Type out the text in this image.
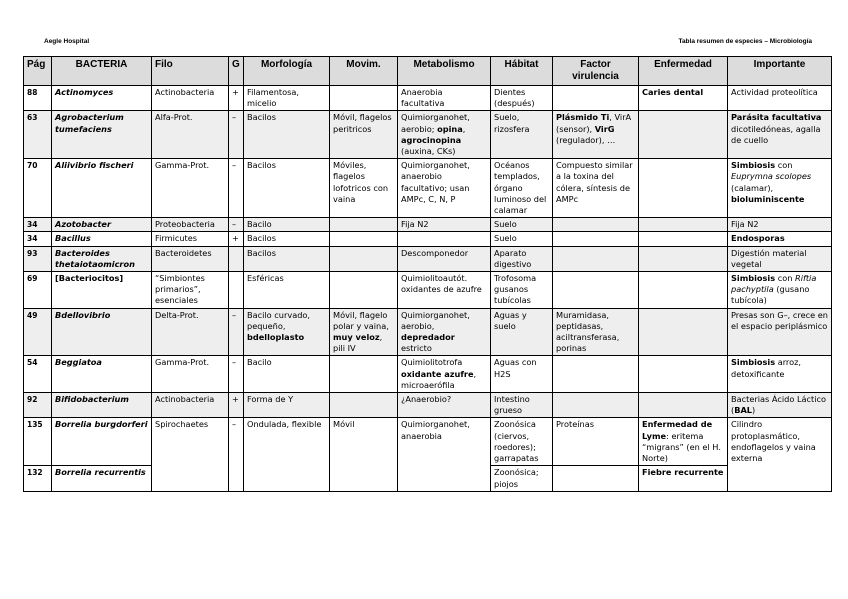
Aegle Hospital	Tabla resumen de especies – Microbiología
Pág	BACTERIA	Filo	G	Morfología	Movim.	Metabolismo	Hábitat	Factor virulencia	Enfermedad	Importante
88	Actinomyces	Actinobacteria	+	Filamentosa, micelio		Anaerobia facultativa	Dientes (después)		Caries dental	Actividad proteolítica
63	Agrobacterium tumefaciens	Alfa-Prot.	–	Bacilos	Móvil, flagelos peritricos	Quimiorganohet, aerobio; opina, agrocinopina (auxina, CKs)	Suelo, rizosfera	Plásmido Ti, VirA (sensor), VirG (regulador), …		Parásita facultativa dicotiledóneas, agalla de cuello
70	Aliivibrio fischeri	Gamma-Prot.	–	Bacilos	Móviles, flagelos lofotricos con vaina	Quimiorganohet, anaerobio facultativo; usan AMPc, C, N, P	Océanos templados, órgano luminoso del calamar	Compuesto similar a la toxina del cólera, síntesis de AMPc		Simbiosis con Euprymna scolopes (calamar), bioluminiscente
34	Azotobacter	Proteobacteria	–	Bacilo		Fija N2	Suelo			Fija N2
34	Bacillus	Firmicutes	+	Bacilos			Suelo			Endosporas
93	Bacteroides thetaiotaomicron	Bacteroidetes		Bacilos		Descomponedor	Aparato digestivo			Digestión material vegetal
69	[Bacteriocitos]	“Simbiontes primarios”, esenciales		Esféricas		Quimiolitoautót. oxidantes de azufre	Trofosoma gusanos tubícolas			Simbiosis con Riftia pachyptila (gusano tubícola)
49	Bdellovibrio	Delta-Prot.	–	Bacilo curvado, pequeño, bdelloplasto	Móvil, flagelo polar y vaina, muy veloz, pili IV	Quimiorganohet, aerobio, depredador estricto	Aguas y suelo	Muramidasa, peptidasas, aciltransferasa, porinas		Presas son G–, crece en el espacio periplásmico
54	Beggiatoa	Gamma-Prot.	–	Bacilo		Quimiolitotrofa oxidante azufre, microaerófila	Aguas con H2S			Simbiosis arroz, detoxificante
92	Bifidobacterium	Actinobacteria	+	Forma de Y		¿Anaerobio?	Intestino grueso			Bacterias Ácido Láctico (BAL)
135	Borrelia burgdorferi	Spirochaetes	–	Ondulada, flexible	Móvil	Quimiorganohet, anaerobia	Zoonósica (ciervos, roedores); garrapatas	Proteínas	Enfermedad de Lyme: eritema “migrans” (en el H. Norte)	Cilindro protoplasmático, endoflagelos y vaina externa
132	Borrelia recurrentis						Zoonósica; piojos		Fiebre recurrente	
